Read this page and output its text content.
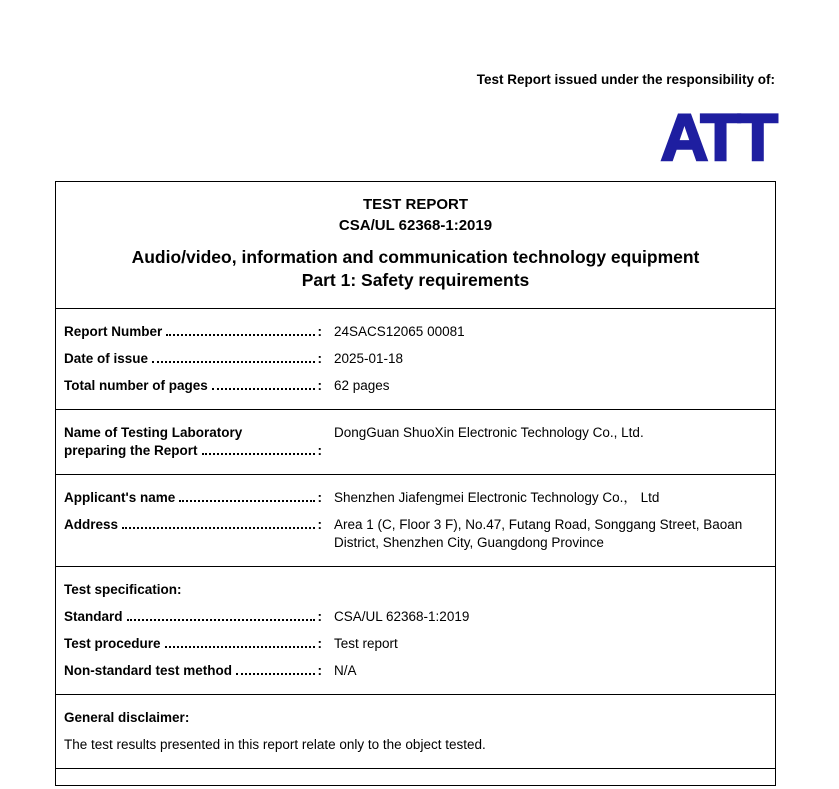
Test Report issued under the responsibility of:
ATT
TEST REPORT
CSA/UL 62368-1:2019
Audio/video, information and communication technology equipment
Part 1: Safety requirements
Report Number	: 24SACS12065 00081
Date of issue	: 2025-01-18
Total number of pages	: 62 pages
Name of Testing Laboratory
preparing the Report	:
DongGuan ShuoXin Electronic Technology Co., Ltd.
Applicant's name	: Shenzhen Jiafengmei Electronic Technology Co.， Ltd
Address	: Area 1 (C, Floor 3 F), No.47, Futang Road, Songgang Street, Baoan District, Shenzhen City, Guangdong Province
Test specification:
Standard	: CSA/UL 62368-1:2019
Test procedure	: Test report
Non-standard test method	: N/A
General disclaimer:
The test results presented in this report relate only to the object tested.
